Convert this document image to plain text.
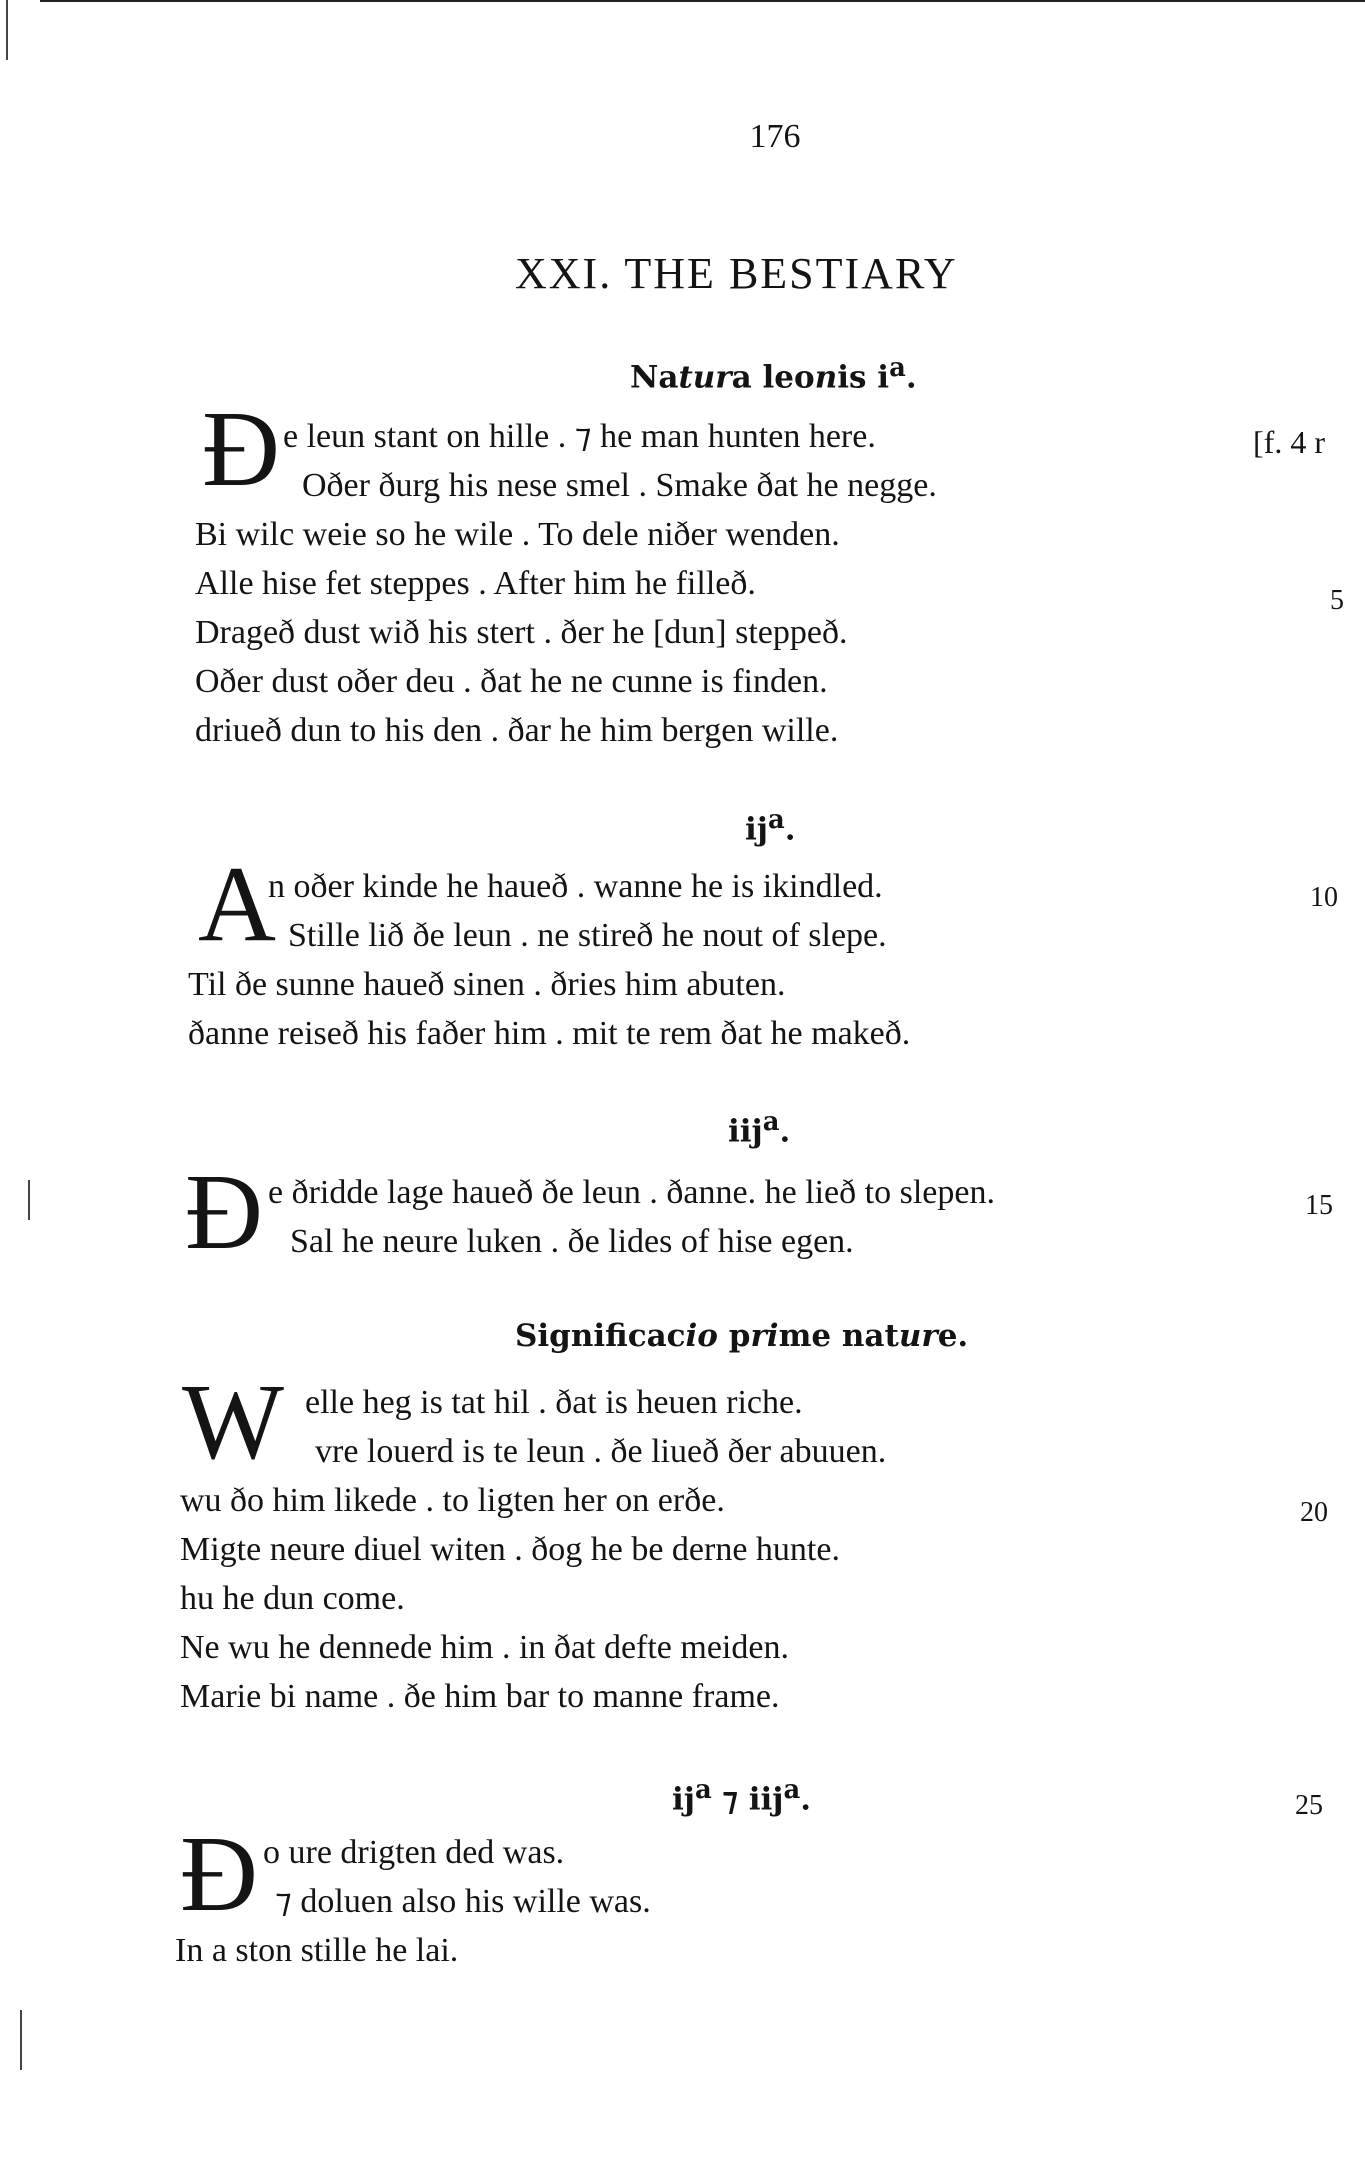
176
XXI. THE BESTIARY
Natura leonis $i^a$.
Ð e leun stant on hille . ⁊ he man hunten here.
Oðer ðurg his nese smel . Smake ðat he negge.
Bi wilc weie so he wile . To dele niðer wenden.
Alle hise fet steppes . After him he filleð.
Drageð dust wið his stert . ðer he [dun] steppeð.
Oðer dust oðer deu . ðat he ne cunne is finden.
driueð dun to his den . ðar he him bergen wille.
$ij^a$.
A
n oðer kinde he haueð . wanne he is ikindled.
Stille lið ðe leun . ne stireð he nout of slepe.
Til ðe sunne haueð sinen . ðries him abuten.
ðanne reiseð his faðer him . mit te rem ðat he makeð.
iij$^a$.
Ð e ðridde lage haueð ðe leun . ðanne. he lieð to slepen.
Sal he neure luken . ðe lides of hise egen.
Significacio prime nature.
W elle heg is tat hil . ðat is heuen riche.
vre louerd is te leun . ðe liueð ðer abuuen.
wu ðo him likede . to ligten her on erðe.
Migte neure diuel witen . ðog he be derne hunte.
hu he dun come.
Ne wu he dennede him . in ðat defte meiden.
Marie bi name . ðe him bar to manne frame.
$ij^a$ ⁊ iij$^a$.
Ð o ure drigten ded was.
⁊ doluen also his wille was.
In a ston stille he lai.
[f. 4 r
5
10
15
20
25
